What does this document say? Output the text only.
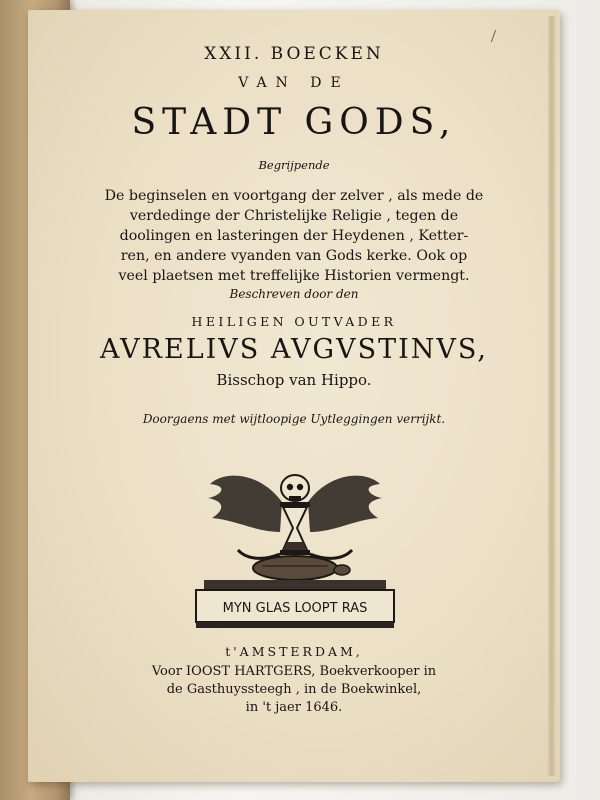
XXII. BOECKEN
VAN DE
STADT GODS,
Begrijpende
De beginselen en voortgang der zelver , als mede de
verdedinge der Christelijke Religie , tegen de
doolingen en lasteringen der Heydenen , Ketter-
ren, en andere vyanden van Gods kerke. Ook op
veel plaetsen met treffelijke Historien vermengt.
Beschreven door den
HEILIGEN OUTVADER
AVRELIVS AVGVSTINVS,
Bisschop van Hippo.
Doorgaens met wijtloopige Uytleggingen verrijkt.
MYN GLAS LOOPT RAS
t'AMSTERDAM,
Voor IOOST HARTGERS, Boekverkooper in
de Gasthuyssteegh , in de Boekwinkel,
in 't jaer 1646.
